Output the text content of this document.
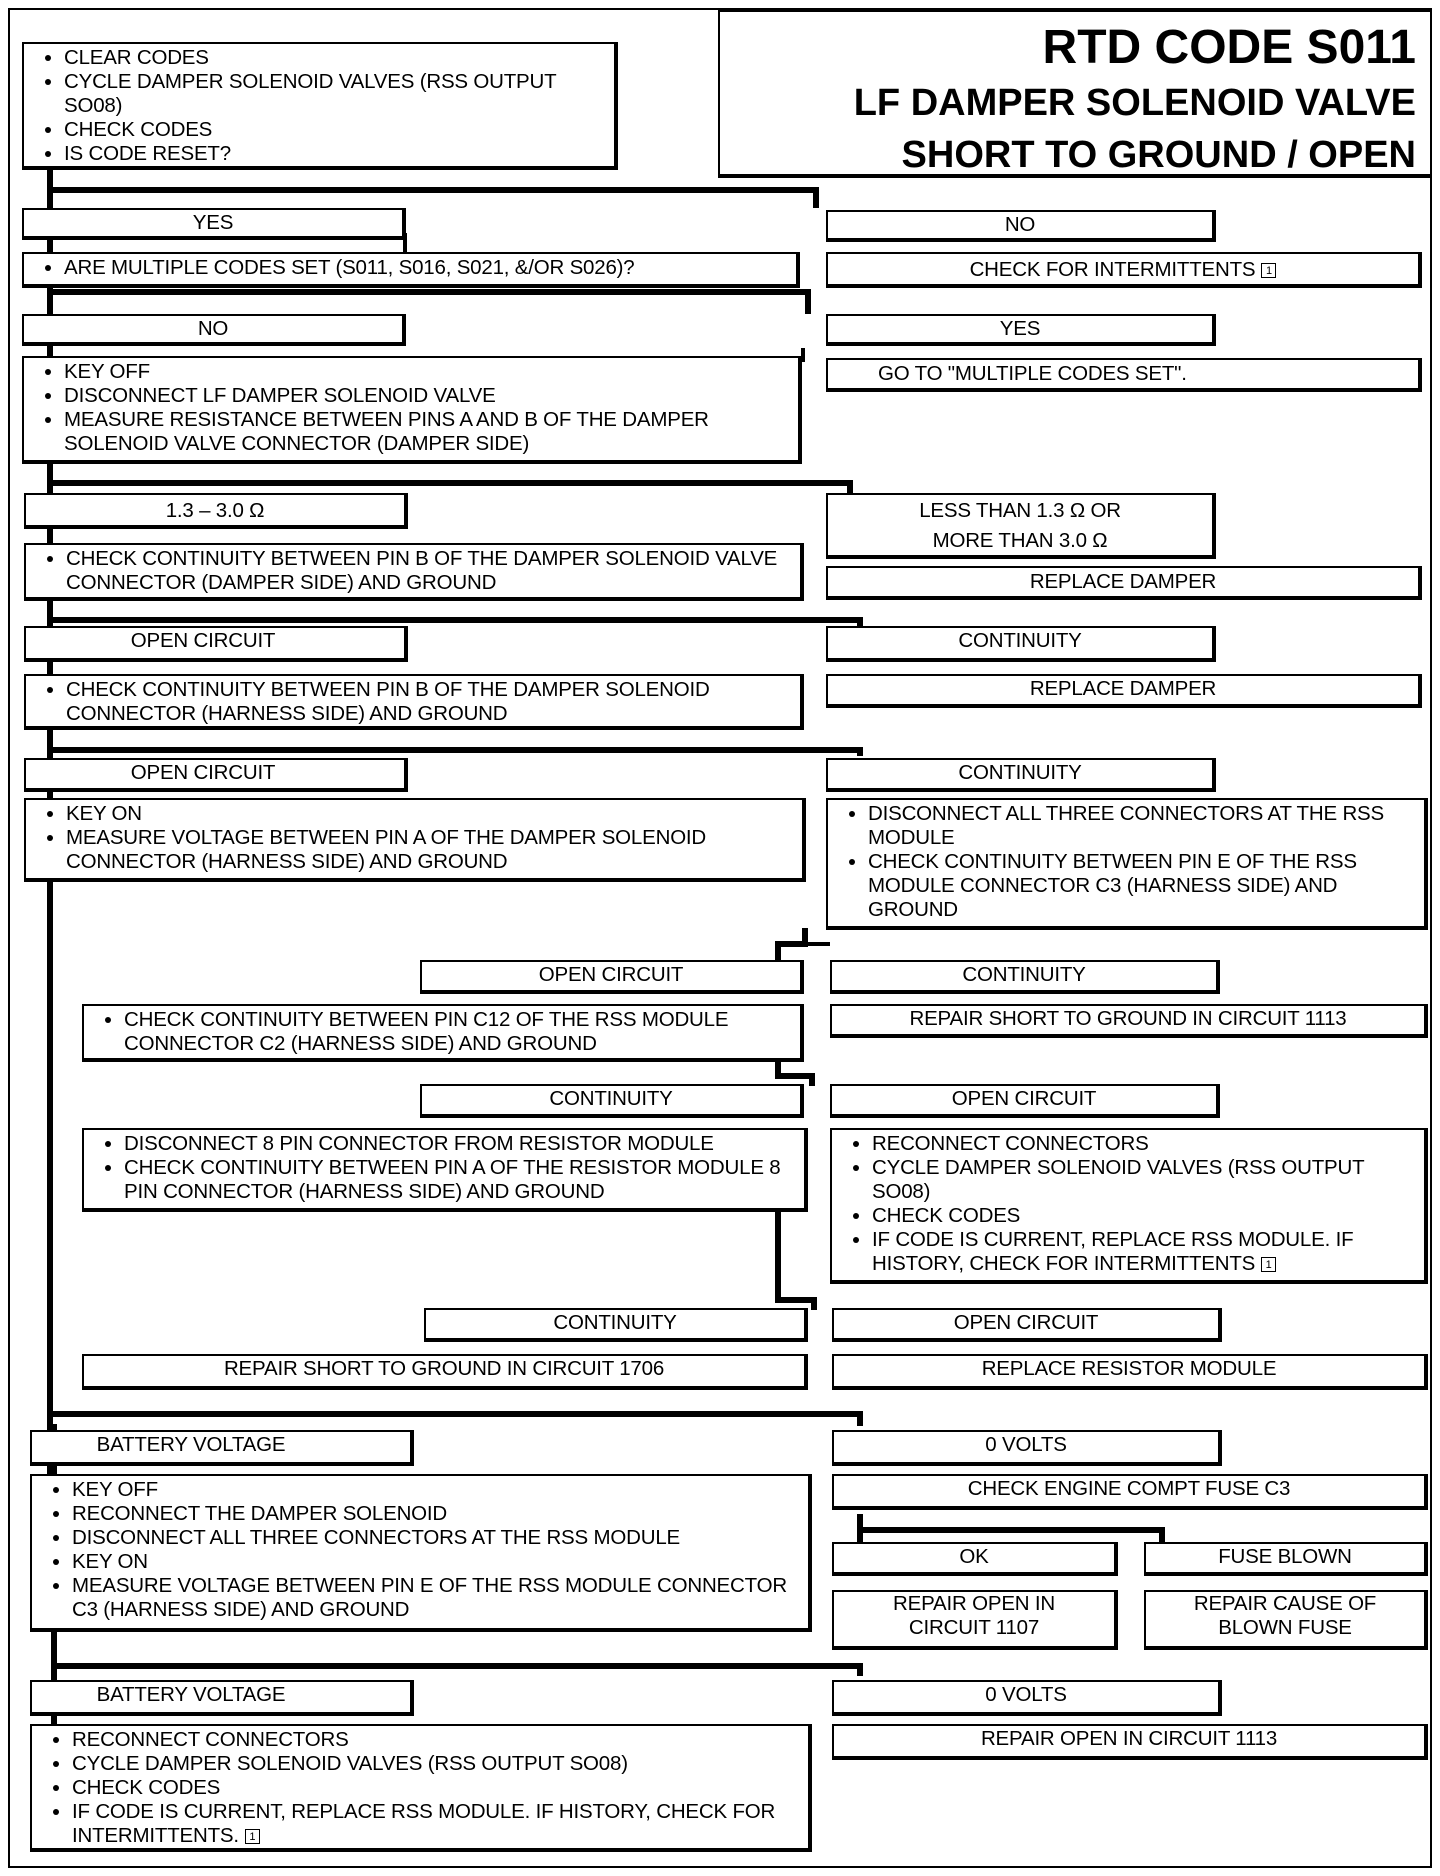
RTD CODE S011
LF DAMPER SOLENOID VALVE
SHORT TO GROUND / OPEN
• CLEAR CODES
• CYCLE DAMPER SOLENOID VALVES (RSS OUTPUT SO08)
• CHECK CODES
• IS CODE RESET?
YES	NO
• ARE MULTIPLE CODES SET (S011, S016, S021, &/OR S026)?	CHECK FOR INTERMITTENTS 1
NO	YES
• KEY OFF
• DISCONNECT LF DAMPER SOLENOID VALVE
• MEASURE RESISTANCE BETWEEN PINS A AND B OF THE DAMPER SOLENOID VALVE CONNECTOR (DAMPER SIDE)
GO TO "MULTIPLE CODES SET".
1.3 – 3.0 Ω	LESS THAN 1.3 Ω OR
MORE THAN 3.0 Ω
• CHECK CONTINUITY BETWEEN PIN B OF THE DAMPER SOLENOID VALVE CONNECTOR (DAMPER SIDE) AND GROUND	REPLACE DAMPER
OPEN CIRCUIT	CONTINUITY
• CHECK CONTINUITY BETWEEN PIN B OF THE DAMPER SOLENOID CONNECTOR (HARNESS SIDE) AND GROUND
REPLACE DAMPER
OPEN CIRCUIT	CONTINUITY
• KEY ON
• MEASURE VOLTAGE BETWEEN PIN A OF THE DAMPER SOLENOID CONNECTOR (HARNESS SIDE) AND GROUND
• DISCONNECT ALL THREE CONNECTORS AT THE RSS MODULE
• CHECK CONTINUITY BETWEEN PIN E OF THE RSS MODULE CONNECTOR C3 (HARNESS SIDE) AND GROUND
OPEN CIRCUIT	CONTINUITY
• CHECK CONTINUITY BETWEEN PIN C12 OF THE RSS MODULE CONNECTOR C2 (HARNESS SIDE) AND GROUND
REPAIR SHORT TO GROUND IN CIRCUIT 1113
CONTINUITY	OPEN CIRCUIT
• DISCONNECT 8 PIN CONNECTOR FROM RESISTOR MODULE
• CHECK CONTINUITY BETWEEN PIN A OF THE RESISTOR MODULE 8 PIN CONNECTOR (HARNESS SIDE) AND GROUND
• RECONNECT CONNECTORS
• CYCLE DAMPER SOLENOID VALVES (RSS OUTPUT SO08)
• CHECK CODES
• IF CODE IS CURRENT, REPLACE RSS MODULE. IF HISTORY, CHECK FOR INTERMITTENTS 1
CONTINUITY	OPEN CIRCUIT
REPAIR SHORT TO GROUND IN CIRCUIT 1706	REPLACE RESISTOR MODULE
BATTERY VOLTAGE	0 VOLTS
• KEY OFF
• RECONNECT THE DAMPER SOLENOID
• DISCONNECT ALL THREE CONNECTORS AT THE RSS MODULE
• KEY ON
• MEASURE VOLTAGE BETWEEN PIN E OF THE RSS MODULE CONNECTOR C3 (HARNESS SIDE) AND GROUND
CHECK ENGINE COMPT FUSE C3
OK	FUSE BLOWN
REPAIR OPEN IN
CIRCUIT 1107
REPAIR CAUSE OF
BLOWN FUSE
BATTERY VOLTAGE	0 VOLTS
• RECONNECT CONNECTORS
• CYCLE DAMPER SOLENOID VALVES (RSS OUTPUT SO08)
• CHECK CODES
• IF CODE IS CURRENT, REPLACE RSS MODULE. IF HISTORY, CHECK FOR INTERMITTENTS. 1
REPAIR OPEN IN CIRCUIT 1113
